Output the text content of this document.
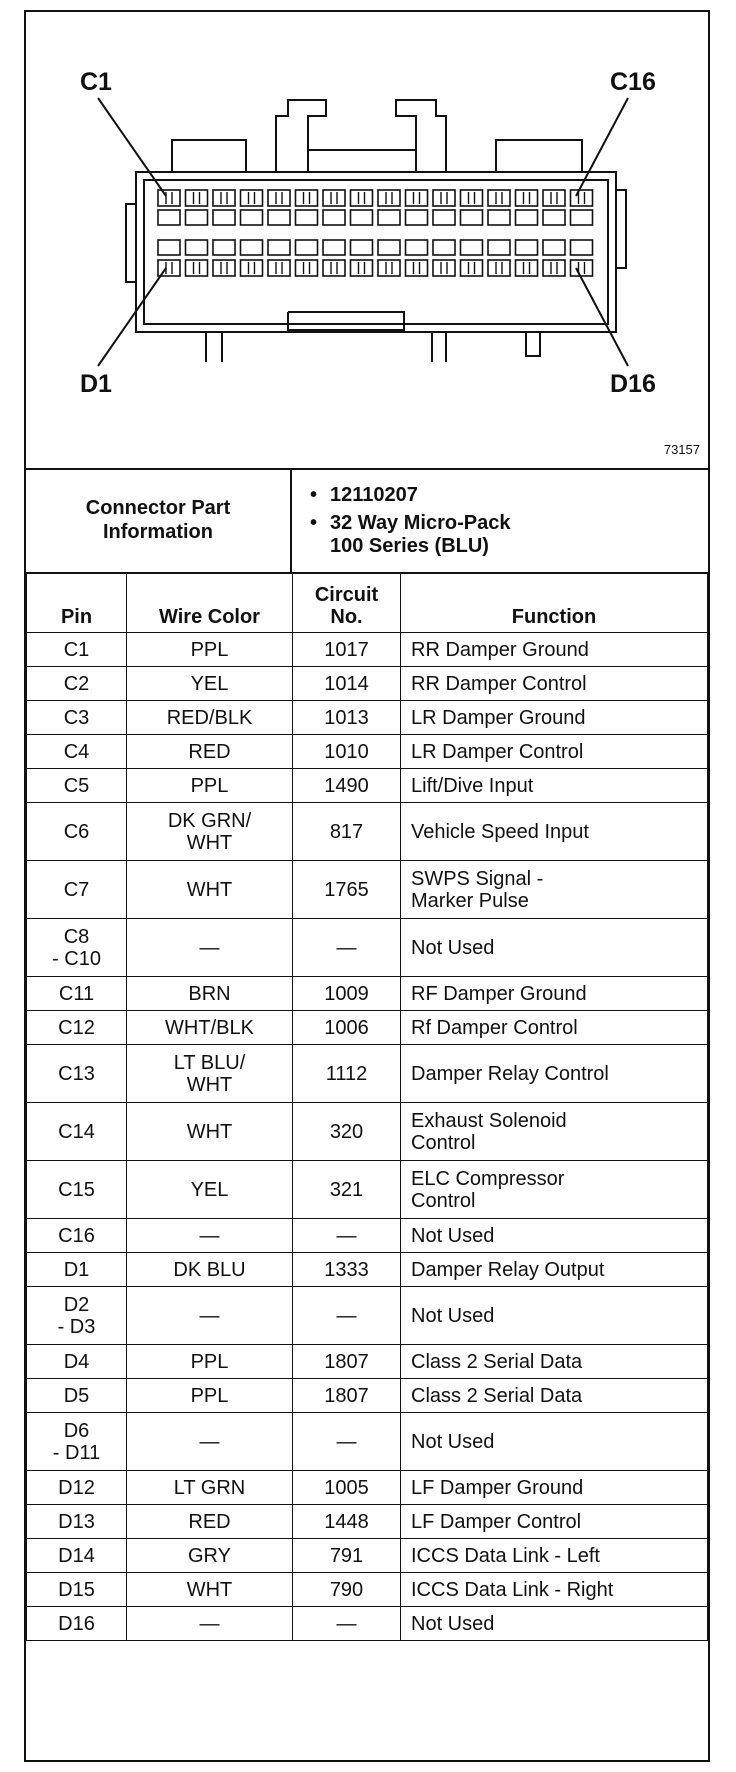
C1	C16
D1	D16
73157
Connector Part
Information
• 12110207
• 32 Way Micro-Pack
100 Series (BLU)
Pin	Wire Color	Circuit
No.	Function
C1	PPL	1017	RR Damper Ground
C2	YEL	1014	RR Damper Control
C3	RED/BLK	1013	LR Damper Ground
C4	RED	1010	LR Damper Control
C5	PPL	1490	Lift/Dive Input
C6	DK GRN/
WHT	817	Vehicle Speed Input
C7	WHT	1765	SWPS Signal -
Marker Pulse
C8
- C10	—	—	Not Used
C11	BRN	1009	RF Damper Ground
C12	WHT/BLK	1006	Rf Damper Control
C13	LT BLU/
WHT	1112	Damper Relay Control
C14	WHT	320	Exhaust Solenoid
Control
C15	YEL	321	ELC Compressor
Control
C16	—	—	Not Used
D1	DK BLU	1333	Damper Relay Output
D2
- D3	—	—	Not Used
D4	PPL	1807	Class 2 Serial Data
D5	PPL	1807	Class 2 Serial Data
D6
- D11	—	—	Not Used
D12	LT GRN	1005	LF Damper Ground
D13	RED	1448	LF Damper Control
D14	GRY	791	ICCS Data Link - Left
D15	WHT	790	ICCS Data Link - Right
D16	—	—	Not Used
